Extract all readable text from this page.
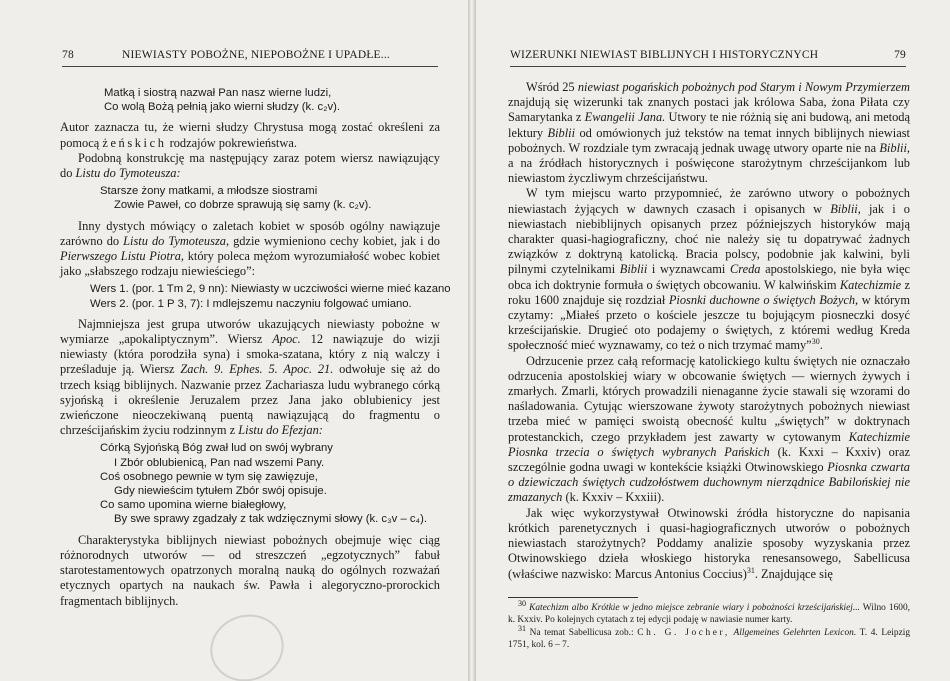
78	NIEWIASTY POBOŻNE, NIEPOBOŻNE I UPADŁE...
Matką i siostrą nazwał Pan nasz wierne ludzi,
Co wolą Bożą pełnią jako wierni słudzy (k. c₂v).

Autor zaznacza tu, że wierni słudzy Chrystusa mogą zostać określeni za pomocą żeńskich rodzajów pokrewieństwa.

Podobną konstrukcję ma następujący zaraz potem wiersz nawiązujący do Listu do Tymoteusza:

Starsze żony matkami, a młodsze siostrami
Zowie Paweł, co dobrze sprawują się samy (k. c₂v).

Inny dystych mówiący o zaletach kobiet w sposób ogólny nawiązuje zarówno do Listu do Tymoteusza, gdzie wymieniono cechy kobiet, jak i do Pierwszego Listu Piotra, który poleca mężom wyrozumiałość wobec kobiet jako „słabszego rodzaju niewieściego”:

Wers 1. (por. 1 Tm 2, 9 nn): Niewiasty w uczciwości wierne mieć kazano
Wers 2. (por. 1 P 3, 7): I mdlejszemu naczyniu folgować umiano.

Najmniejsza jest grupa utworów ukazujących niewiasty pobożne w wymiarze „apokaliptycznym”. Wiersz Apoc. 12 nawiązuje do wizji niewiasty (która porodziła syna) i smoka-szatana, który z nią walczy i prześladuje ją. Wiersz Zach. 9. Ephes. 5. Apoc. 21. odwołuje się aż do trzech ksiąg biblijnych. Nazwanie przez Zachariasza ludu wybranego córką syjońską i określenie Jeruzalem przez Jana jako oblubienicy jest zwieńczone nieoczekiwaną puentą nawiązującą do fragmentu o chrześcijańskim życiu rodzinnym z Listu do Efezjan:

Córką Syjońską Bóg zwał lud on swój wybrany
I Zbór oblubienicą, Pan nad wszemi Pany.
Coś osobnego pewnie w tym się zawięzuje,
Gdy niewieścim tytułem Zbór swój opisuje.
Co samo upomina wierne białegłowy,
By swe sprawy zgadzały z tak wdzięcznymi słowy (k. c₃v – c₄).

Charakterystyka biblijnych niewiast pobożnych obejmuje więc ciąg różnorodnych utworów — od streszczeń „egzotycznych” fabuł starotestamentowych opatrzonych moralną nauką do ogólnych rozważań etycznych opartych na naukach św. Pawła i alegoryczno-prorockich fragmentach biblijnych.

WIZERUNKI NIEWIAST BIBLIJNYCH I HISTORYCZNYCH	79

Wśród 25 niewiast pogańskich pobożnych pod Starym i Nowym Przymierzem znajdują się wizerunki tak znanych postaci jak królowa Saba, żona Piłata czy Samarytanka z Ewangelii Jana. Utwory te nie różnią się ani budową, ani metodą lektury Biblii od omówionych już tekstów na temat innych biblijnych niewiast pobożnych. W rozdziale tym zwracają jednak uwagę utwory oparte nie na Biblii, a na źródłach historycznych i poświęcone starożytnym chrześcijankom lub niewiastom życzliwym chrześcijaństwu.

W tym miejscu warto przypomnieć, że zarówno utwory o pobożnych niewiastach żyjących w dawnych czasach i opisanych w Biblii, jak i o niewiastach niebiblijnych opisanych przez późniejszych historyków mają charakter quasi-hagiograficzny, choć nie należy się tu dopatrywać żadnych związków z doktryną katolicką. Bracia polscy, podobnie jak kalwini, byli pilnymi czytelnikami Biblii i wyznawcami Creda apostolskiego, nie była więc obca ich doktrynie formuła o świętych obcowaniu. W kalwińskim Katechizmie z roku 1600 znajduje się rozdział Piosnki duchowne o świętych Bożych, w którym czytamy: „Miałeś przeto o kościele jeszcze tu bojującym piosneczki dosyć krześcijańskie. Drugieć oto podajemy o świętych, z któremi według Kreda społeczność mieć wyznawamy, co też o nich trzymać mamy”$^{30}$.

Odrzucenie przez całą reformację katolickiego kultu świętych nie oznaczało odrzucenia apostolskiej wiary w obcowanie świętych — wiernych żywych i zmarłych. Zmarli, których prowadzili nienaganne życie stawali się wzorami do naśladowania. Cytując wierszowane żywoty starożytnych pobożnych niewiast trzeba mieć w pamięci swoistą obecność kultu „świętych” w doktrynach protestanckich, czego przykładem jest zawarty w cytowanym Katechizmie Piosnka trzecia o świętych wybranych Pańskich (k. Kxxi – Kxxiv) oraz szczególnie godna uwagi w kontekście książki Otwinowskiego Piosnka czwarta o dziewiczach świętych cudzołóstwem duchownym nierządnice Babilońskiej nie zmazanych (k. Kxxiv – Kxxiii).

Jak więc wykorzystywał Otwinowski źródła historyczne do napisania krótkich parenetycznych i quasi-hagiograficznych utworów o pobożnych niewiastach starożytnych? Poddamy analizie sposoby wyzyskania przez Otwinowskiego dzieła włoskiego historyka renesansowego, Sabellicusa (właściwe nazwisko: Marcus Antonius Coccius)$^{31}$. Znajdujące się

$^{30}$ Katechizm albo Krótkie w jedno miejsce zebranie wiary i pobożności krześcijańskiej... Wilno 1600, k. Kxxiv. Po kolejnych cytatach z tej edycji podaję w nawiasie numer karty.

$^{31}$ Na temat Sabellicusa zob.: Ch. G. Jocher, Allgemeines Gelehrten Lexicon. T. 4. Leipzig 1751, kol. 6 – 7.
